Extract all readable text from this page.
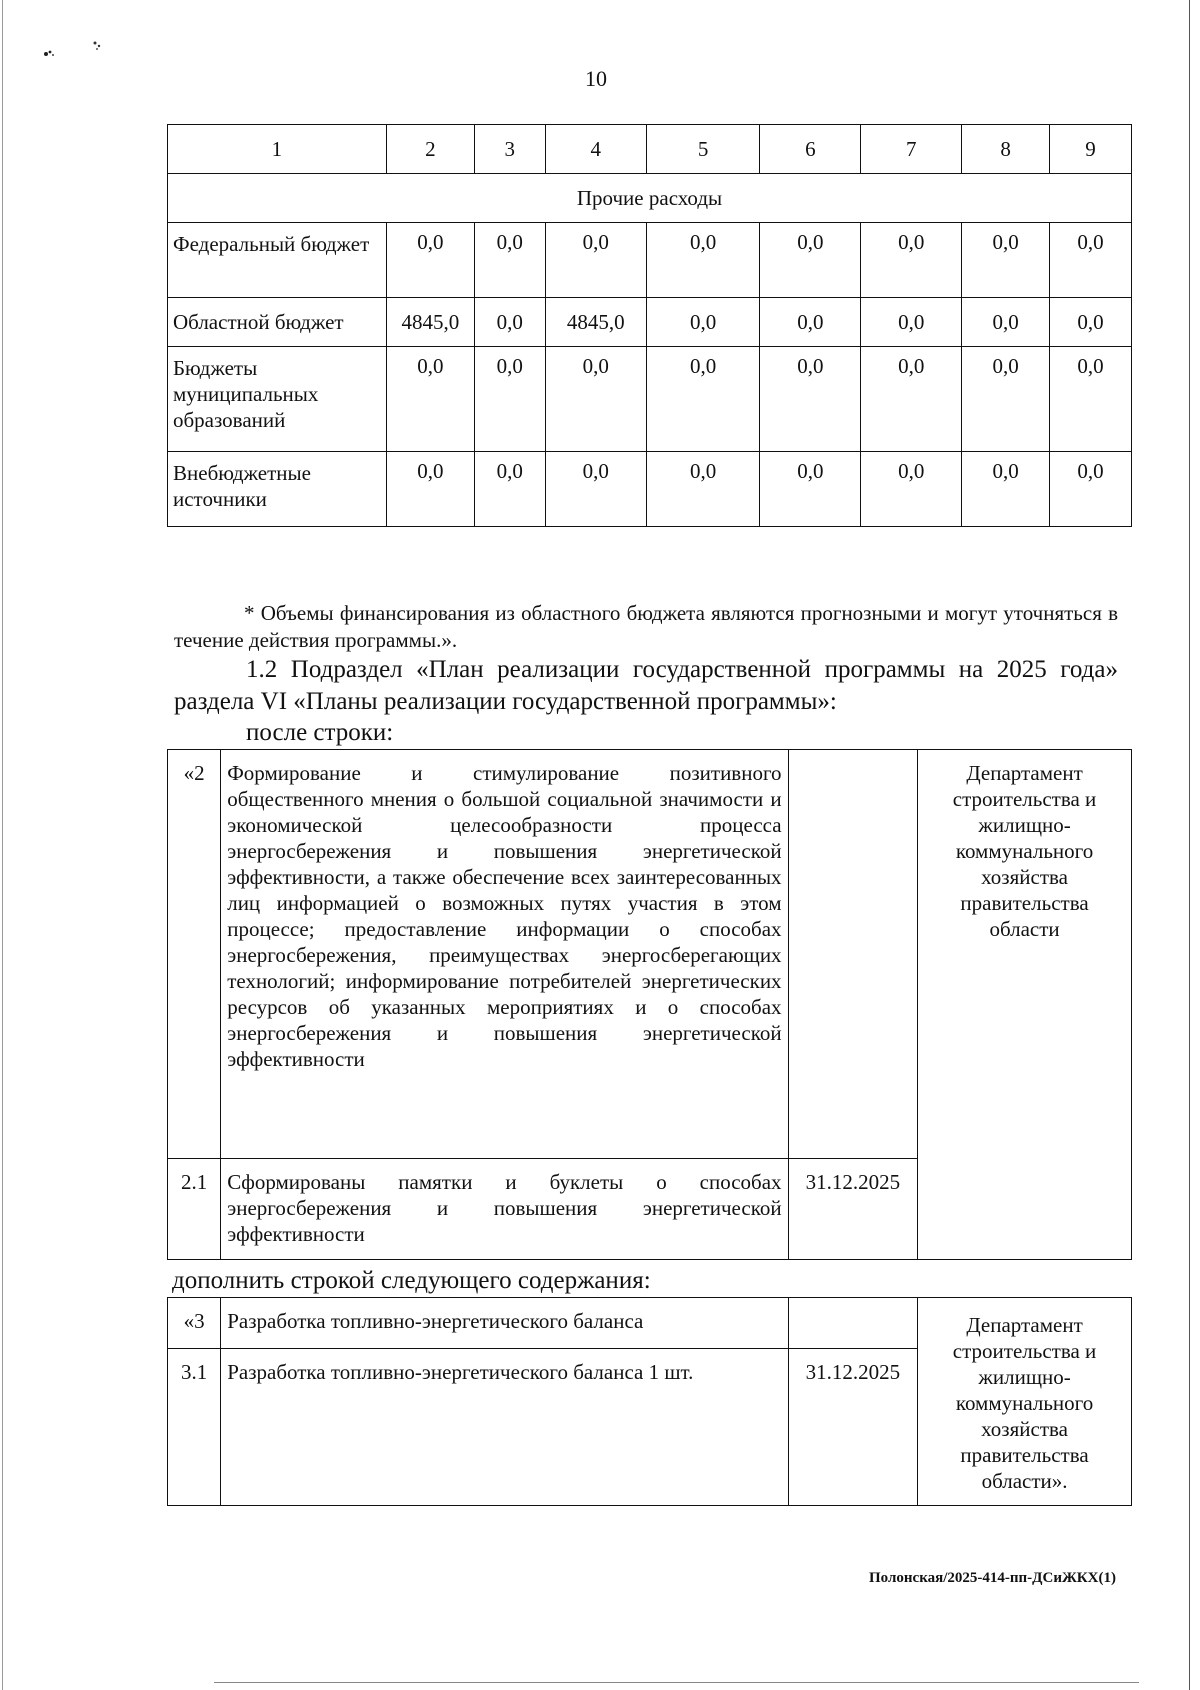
10
1	2	3	4	5	6	7	8	9
Прочие расходы								
Федеральный бюджет	0,0	0,0	0,0	0,0	0,0	0,0	0,0	0,0
Областной бюджет	4845,0	0,0	4845,0	0,0	0,0	0,0	0,0	0,0
Бюджеты муниципальных образований	0,0	0,0	0,0	0,0	0,0	0,0	0,0	0,0
Внебюджетные источники	0,0	0,0	0,0	0,0	0,0	0,0	0,0	0,0
* Объемы финансирования из областного бюджета являются прогнозными и могут уточняться в течение действия программы.».
1.2 Подраздел «План реализации государственной программы на 2025 года» раздела VI «Планы реализации государственной программы»:
после строки:
«2	Формирование и стимулирование позитивного общественного мнения о большой социальной значимости и экономической целесообразности процесса энергосбережения и повышения энергетической эффективности, а также обеспечение всех заинтересованных лиц информацией о возможных путях участия в этом процессе; предоставление информации о способах энергосбережения, преимуществах энергосберегающих технологий; информирование потребителей энергетических ресурсов об указанных мероприятиях и о способах энергосбережения и повышения энергетической эффективности		Департамент строительства и жилищно-коммунального хозяйства правительства области
2.1	Сформированы памятки и буклеты о способах энергосбережения и повышения энергетической эффективности	31.12.2025	
дополнить строкой следующего содержания:
«3	Разработка топливно-энергетического баланса		Департамент строительства и жилищно-коммунального хозяйства правительства области».
3.1	Разработка топливно-энергетического баланса 1 шт.	31.12.2025	
Полонская/2025-414-пп-ДСиЖКХ(1)
